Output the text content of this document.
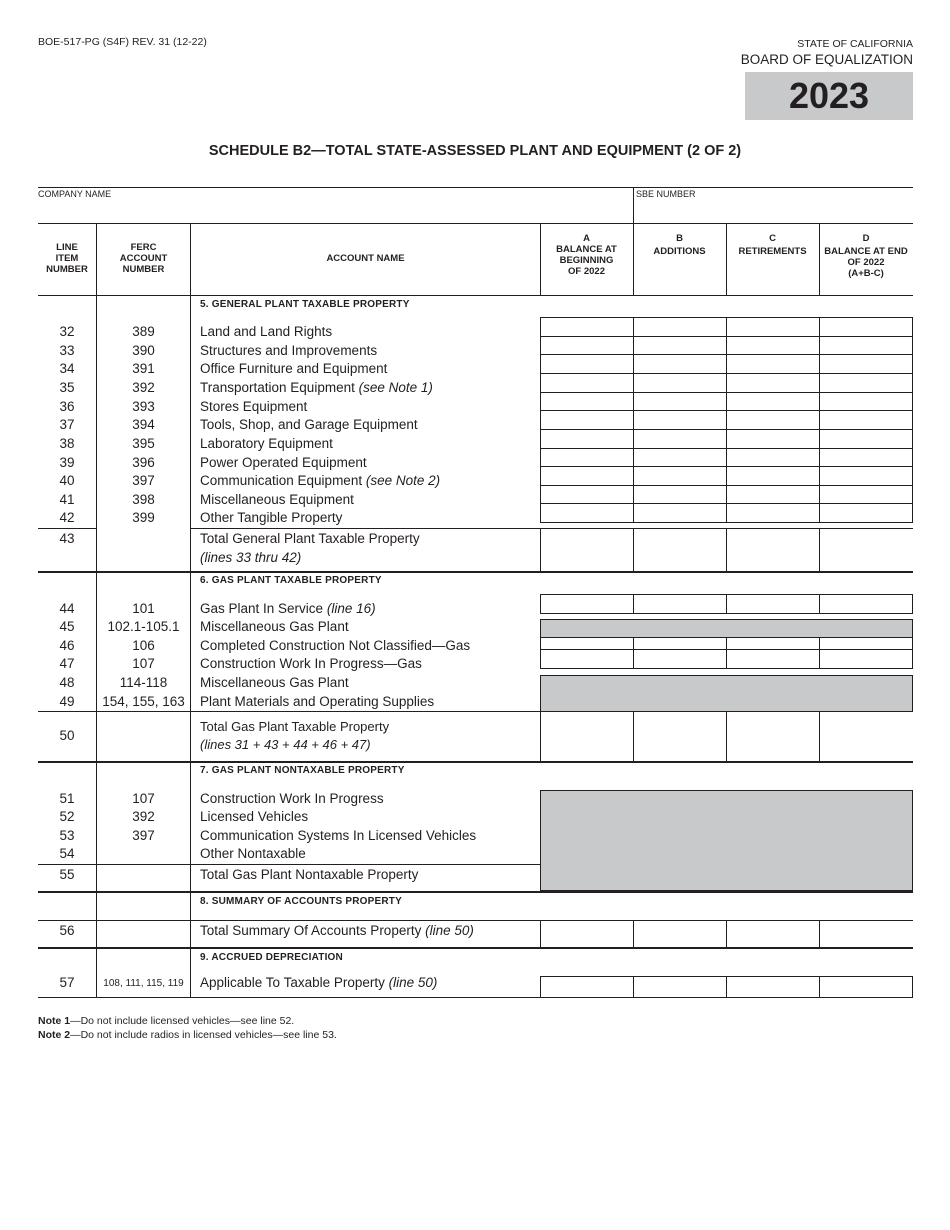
BOE-517-PG (S4F) REV. 31 (12-22)	STATE OF CALIFORNIA
BOARD OF EQUALIZATION
2023
SCHEDULE B2—TOTAL STATE-ASSESSED PLANT AND EQUIPMENT (2 OF 2)
COMPANY NAME	SBE NUMBER
LINE
ITEM
NUMBER
FERC
ACCOUNT
NUMBER
ACCOUNT NAME
A
BALANCE AT
BEGINNING
OF 2022
B
ADDITIONS
C
RETIREMENTS
D
BALANCE AT END
OF 2022
(A+B-C)
5. GENERAL PLANT TAXABLE PROPERTY
32	389	Land and Land Rights
33	390	Structures and Improvements
34	391	Office Furniture and Equipment
35	392	Transportation Equipment (see Note 1)
36	393	Stores Equipment
37	394	Tools, Shop, and Garage Equipment
38	395	Laboratory Equipment
39	396	Power Operated Equipment
40	397	Communication Equipment (see Note 2)
41	398	Miscellaneous Equipment
42	399	Other Tangible Property
43	Total General Plant Taxable Property
(lines 33 thru 42)
6. GAS PLANT TAXABLE PROPERTY
44	101	Gas Plant In Service (line 16)
45	102.1-105.1	Miscellaneous Gas Plant
46	106	Completed Construction Not Classified—Gas
47	107	Construction Work In Progress—Gas
48	114-118	Miscellaneous Gas Plant
49	154, 155, 163	Plant Materials and Operating Supplies
50
Total Gas Plant Taxable Property
(lines 31 + 43 + 44 + 46 + 47)
7. GAS PLANT NONTAXABLE PROPERTY
51	107	Construction Work In Progress
52	392	Licensed Vehicles
53	397	Communication Systems In Licensed Vehicles
54	Other Nontaxable
55	Total Gas Plant Nontaxable Property
8. SUMMARY OF ACCOUNTS PROPERTY
56	Total Summary Of Accounts Property (line 50)
9. ACCRUED DEPRECIATION
57	108, 111, 115, 119	Applicable To Taxable Property (line 50)
Note 1—Do not include licensed vehicles—see line 52.
Note 2—Do not include radios in licensed vehicles—see line 53.
